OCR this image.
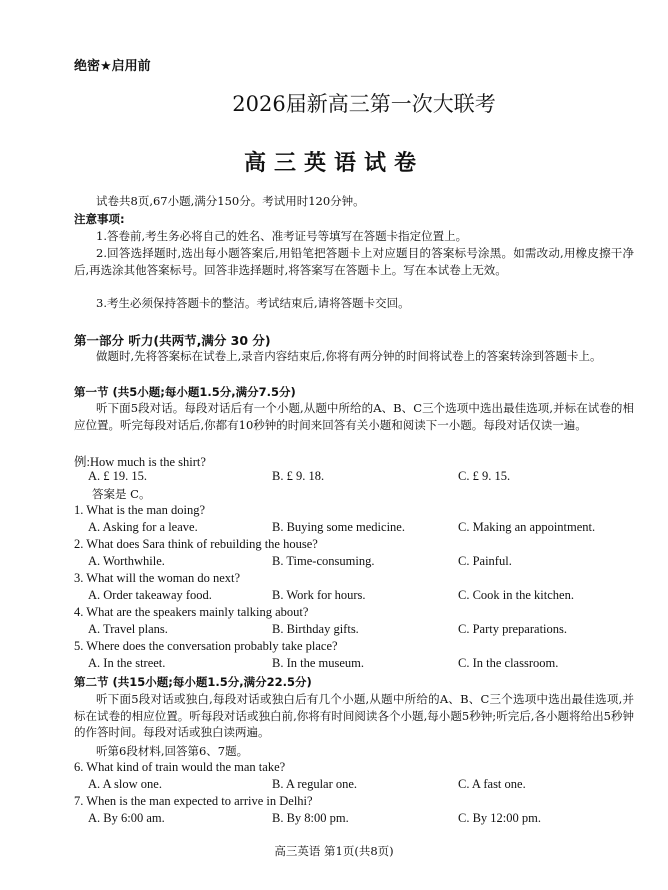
绝密★启用前
2026届新高三第一次大联考
高三英语试卷
试卷共8页,67小题,满分150分。考试用时120分钟。
注意事项:
1.答卷前,考生务必将自己的姓名、准考证号等填写在答题卡指定位置上。
2.回答选择题时,选出每小题答案后,用铅笔把答题卡上对应题目的答案标号涂黑。如需改动,用橡皮擦干净后,再选涂其他答案标号。回答非选择题时,将答案写在答题卡上。写在本试卷上无效。
3.考生必须保持答题卡的整洁。考试结束后,请将答题卡交回。
第一部分 听力(共两节,满分 30 分)
做题时,先将答案标在试卷上,录音内容结束后,你将有两分钟的时间将试卷上的答案转涂到答题卡上。
第一节 (共5小题;每小题1.5分,满分7.5分)
听下面5段对话。每段对话后有一个小题,从题中所给的A、B、C三个选项中选出最佳选项,并标在试卷的相应位置。听完每段对话后,你都有10秒钟的时间来回答有关小题和阅读下一小题。每段对话仅读一遍。
例:How much is the shirt?
A. £ 19. 15.	B. £ 9. 18.	C. £ 9. 15.
答案是 C。
1. What is the man doing?
A. Asking for a leave.	B. Buying some medicine.	C. Making an appointment.
2. What does Sara think of rebuilding the house?
A. Worthwhile.	B. Time-consuming.	C. Painful.
3. What will the woman do next?
A. Order takeaway food.	B. Work for hours.	C. Cook in the kitchen.
4. What are the speakers mainly talking about?
A. Travel plans.	B. Birthday gifts.	C. Party preparations.
5. Where does the conversation probably take place?
A. In the street.	B. In the museum.	C. In the classroom.
第二节 (共15小题;每小题1.5分,满分22.5分)
听下面5段对话或独白,每段对话或独白后有几个小题,从题中所给的A、B、C三个选项中选出最佳选项,并标在试卷的相应位置。听每段对话或独白前,你将有时间阅读各个小题,每小题5秒钟;听完后,各小题将给出5秒钟的作答时间。每段对话或独白读两遍。
听第6段材料,回答第6、7题。
6. What kind of train would the man take?
A. A slow one.	B. A regular one.	C. A fast one.
7. When is the man expected to arrive in Delhi?
A. By 6:00 am.	B. By 8:00 pm.	C. By 12:00 pm.
高三英语 第1页(共8页)
